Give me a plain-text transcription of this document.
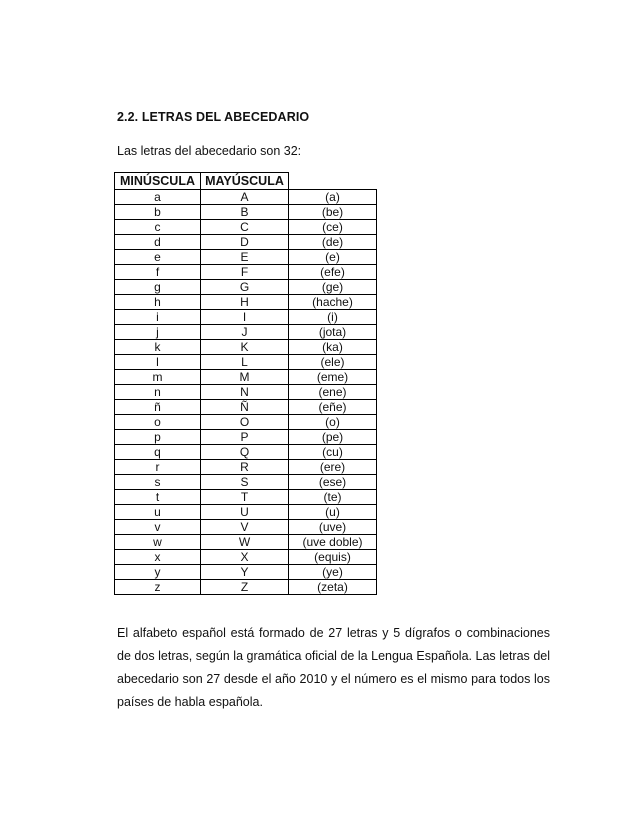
2.2. LETRAS DEL ABECEDARIO
Las letras del abecedario son 32:
MINÚSCULA	MAYÚSCULA	
a	A	(a)
b	B	(be)
c	C	(ce)
d	D	(de)
e	E	(e)
f	F	(efe)
g	G	(ge)
h	H	(hache)
i	I	(i)
j	J	(jota)
k	K	(ka)
l	L	(ele)
m	M	(eme)
n	N	(ene)
ñ	Ñ	(eñe)
o	O	(o)
p	P	(pe)
q	Q	(cu)
r	R	(ere)
s	S	(ese)
t	T	(te)
u	U	(u)
v	V	(uve)
w	W	(uve doble)
x	X	(equis)
y	Y	(ye)
z	Z	(zeta)
El alfabeto español está formado de 27 letras y 5 dígrafos o combinaciones de dos letras, según la gramática oficial de la Lengua Española. Las letras del abecedario son 27 desde el año 2010 y el número es el mismo para todos los países de habla española.
